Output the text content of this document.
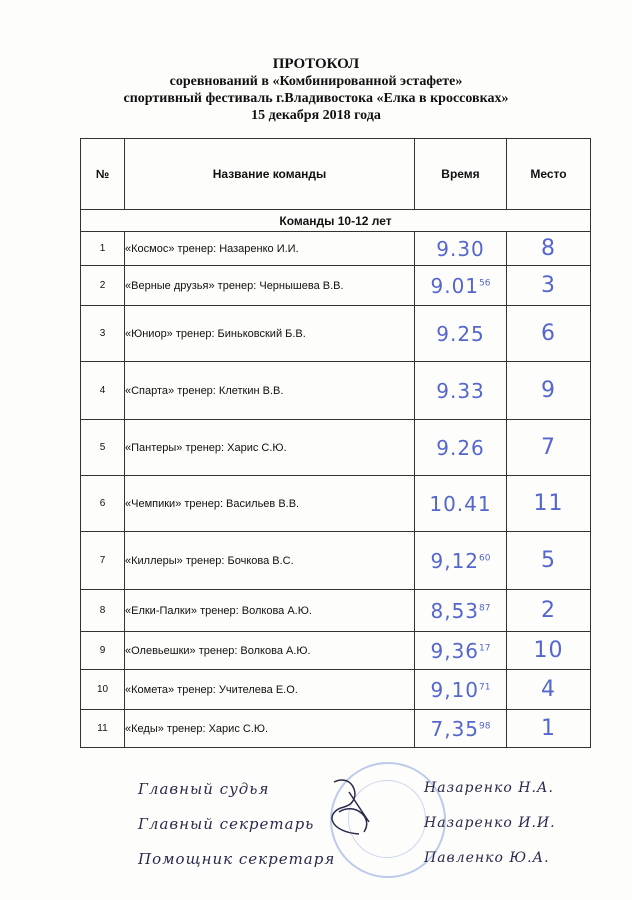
ПРОТОКОЛ
соревнований в «Комбинированной эстафете»
спортивный фестиваль г.Владивостока «Елка в кроссовках»
15 декабря 2018 года
№	Название команды	Время	Место
Команды 10-12 лет			
1	«Космос» тренер: Назаренко И.И.	9.30	8
2	«Верные друзья» тренер: Чернышева В.В.	9.01$^{56}$	3
3	«Юниор» тренер: Биньковский Б.В.	9.25	6
4	«Спарта» тренер: Клеткин В.В.	9.33	9
5	«Пантеры» тренер: Харис С.Ю.	9.26	7
6	«Чемпики» тренер: Васильев В.В.	10.41	11
7	«Киллеры» тренер: Бочкова В.С.	9,12$^{60}$	5
8	«Елки-Палки» тренер: Волкова А.Ю.	8,53$^{87}$	2
9	«Олевьешки» тренер: Волкова А.Ю.	9,36$^{17}$	10
10	«Комета» тренер: Учителева Е.О.	9,10$^{71}$	4
11	«Кеды» тренер: Харис С.Ю.	7,35$^{98}$	1
Главный судья	Назаренко Н.А.
Главный секретарь	Назаренко И.И.
Помощник секретаря	Павленко Ю.А.
